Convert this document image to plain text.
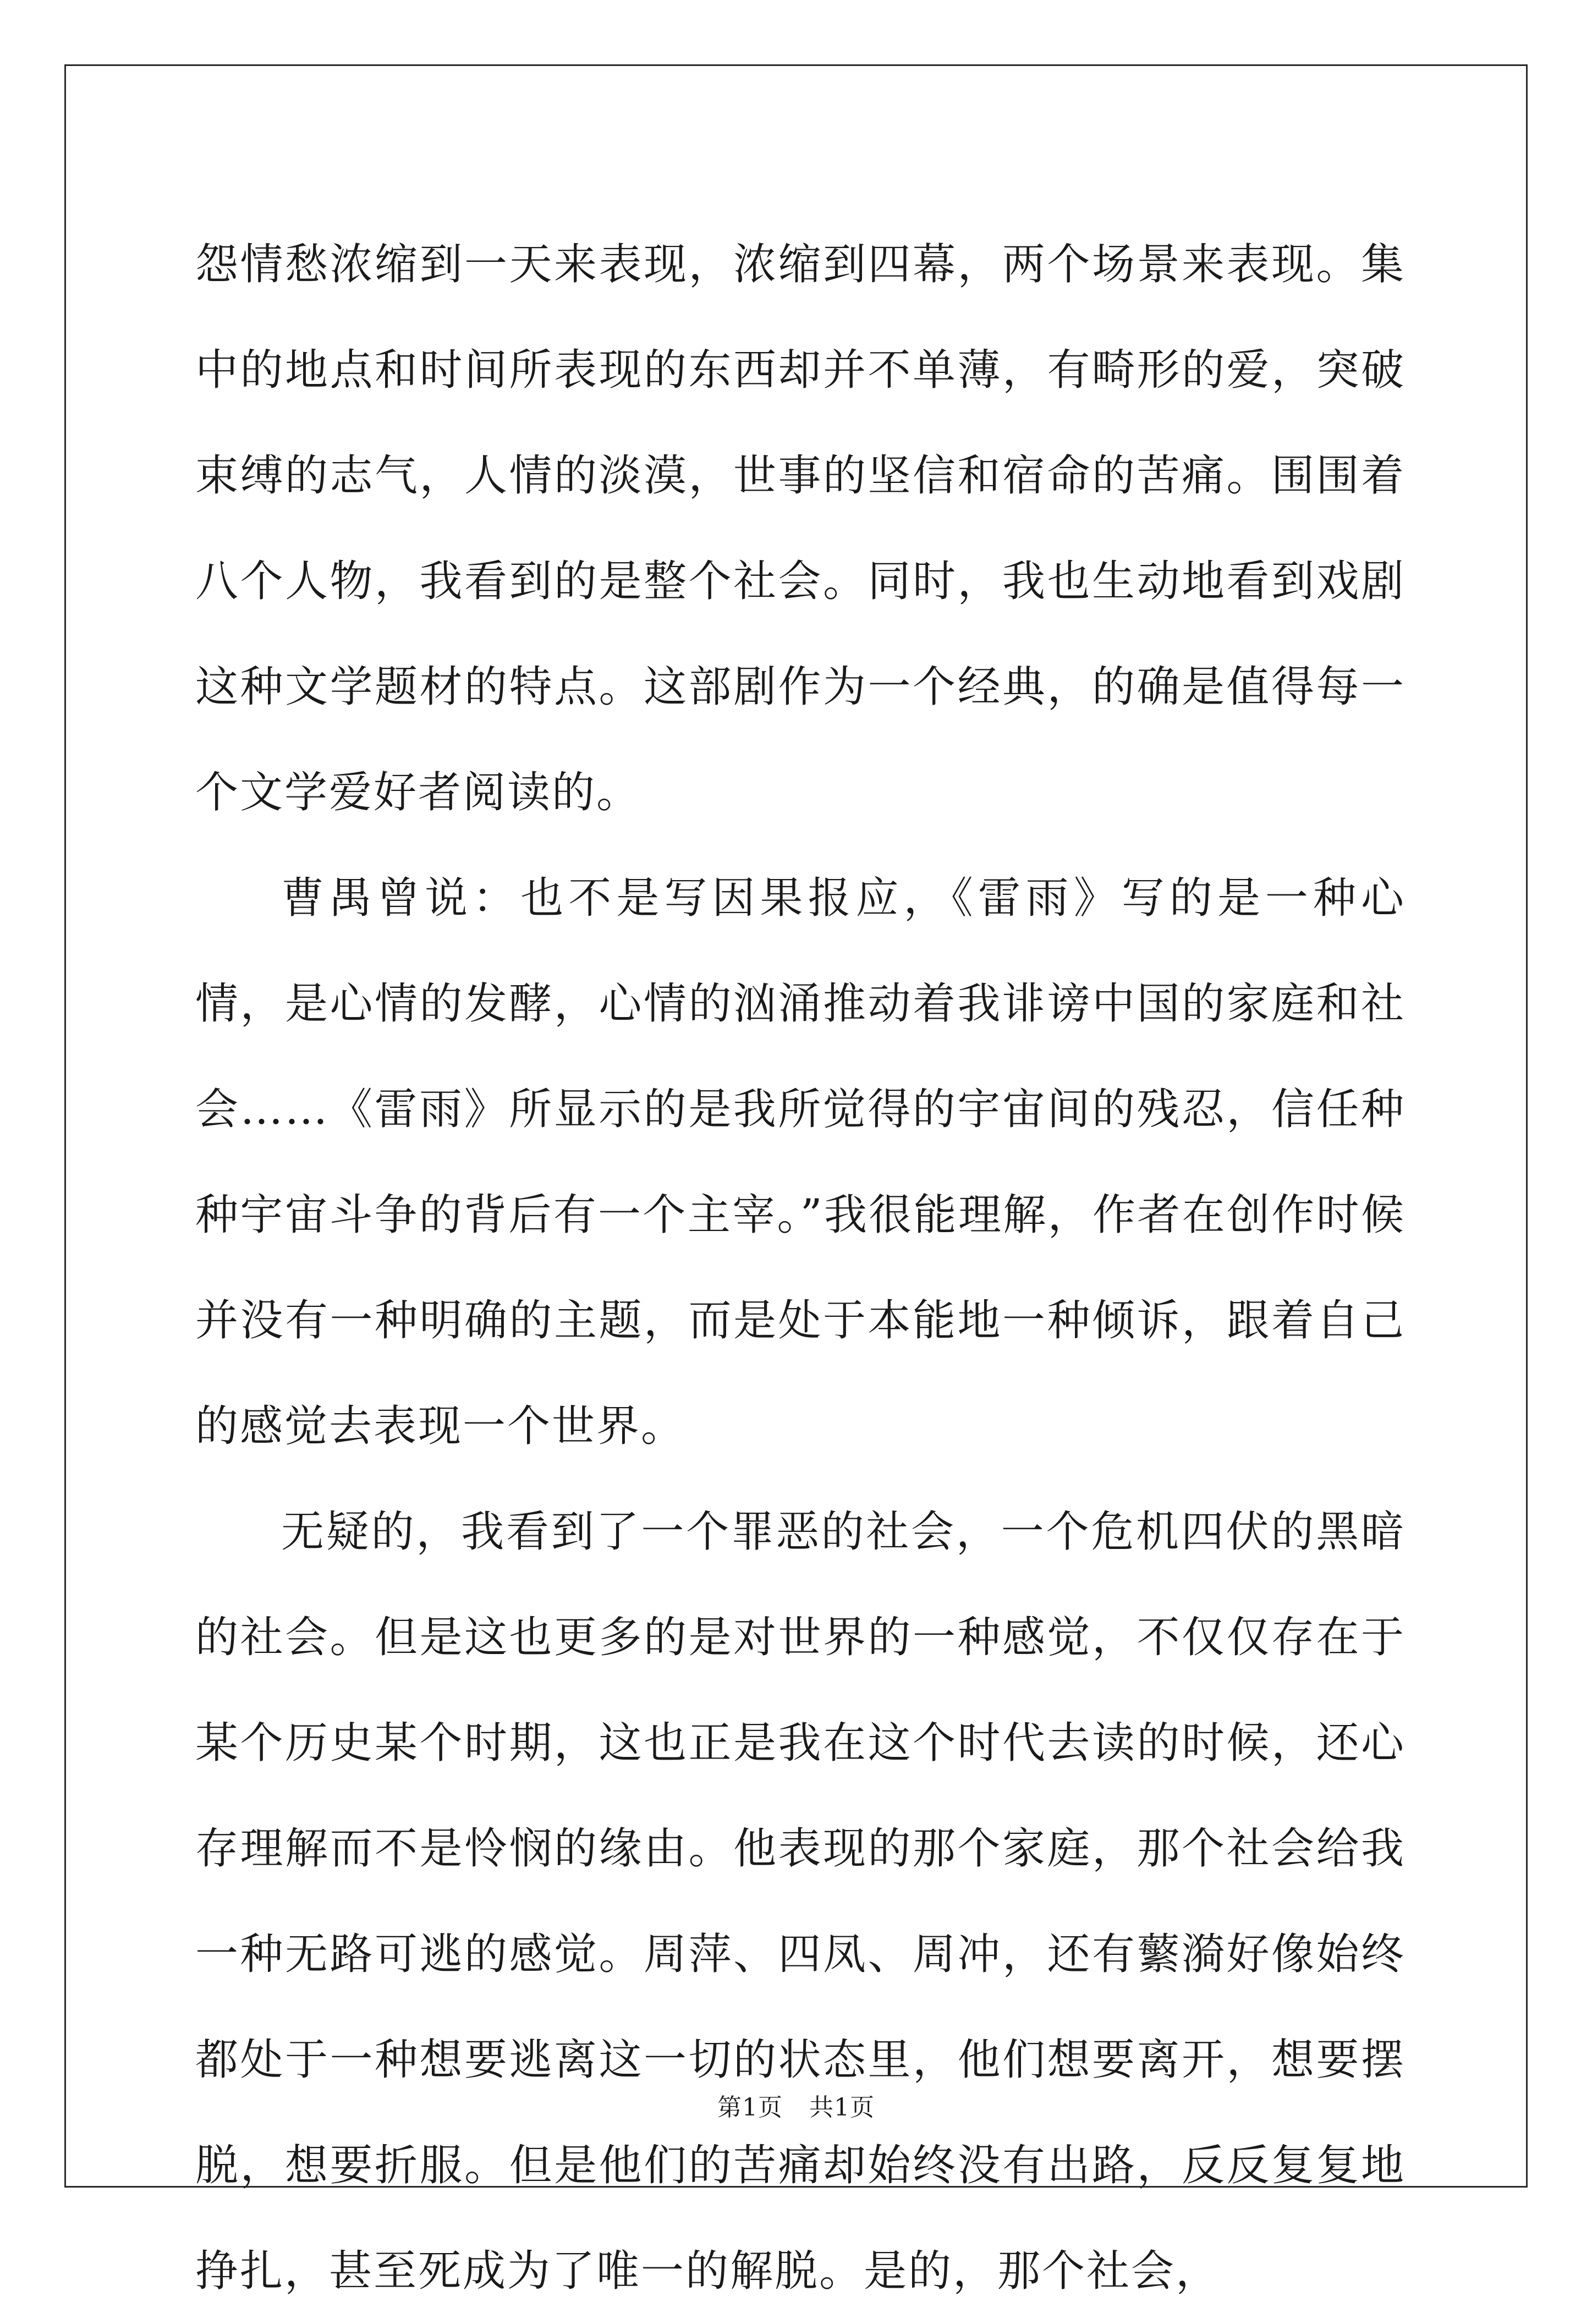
怨情愁浓缩到一天来表现，浓缩到四幕，两个场景来表现。集中的地点和时间所表现的东西却并不单薄，有畸形的爱，突破束缚的志气，人情的淡漠，世事的坚信和宿命的苦痛。围围着八个人物，我看到的是整个社会。同时，我也生动地看到戏剧这种文学题材的特点。这部剧作为一个经典，的确是值得每一个文学爱好者阅读的。

曹禺曾说：也不是写因果报应，《雷雨》写的是一种心情，是心情的发酵，心情的汹涌推动着我诽谤中国的家庭和社会……《雷雨》所显示的是我所觉得的宇宙间的残忍，信任种种宇宙斗争的背后有一个主宰。”我很能理解，作者在创作时候并没有一种明确的主题，而是处于本能地一种倾诉，跟着自己的感觉去表现一个世界。

无疑的，我看到了一个罪恶的社会，一个危机四伏的黑暗的社会。但是这也更多的是对世界的一种感觉，不仅仅存在于某个历史某个时期，这也正是我在这个时代去读的时候，还心存理解而不是怜悯的缘由。他表现的那个家庭，那个社会给我一种无路可逃的感觉。周萍、四凤、周冲，还有蘩漪好像始终都处于一种想要逃离这一切的状态里，他们想要离开，想要摆脱，想要折服。但是他们的苦痛却始终没有出路，反反复复地挣扎，甚至死成为了唯一的解脱。是的，那个社会，

第1页 共1页
